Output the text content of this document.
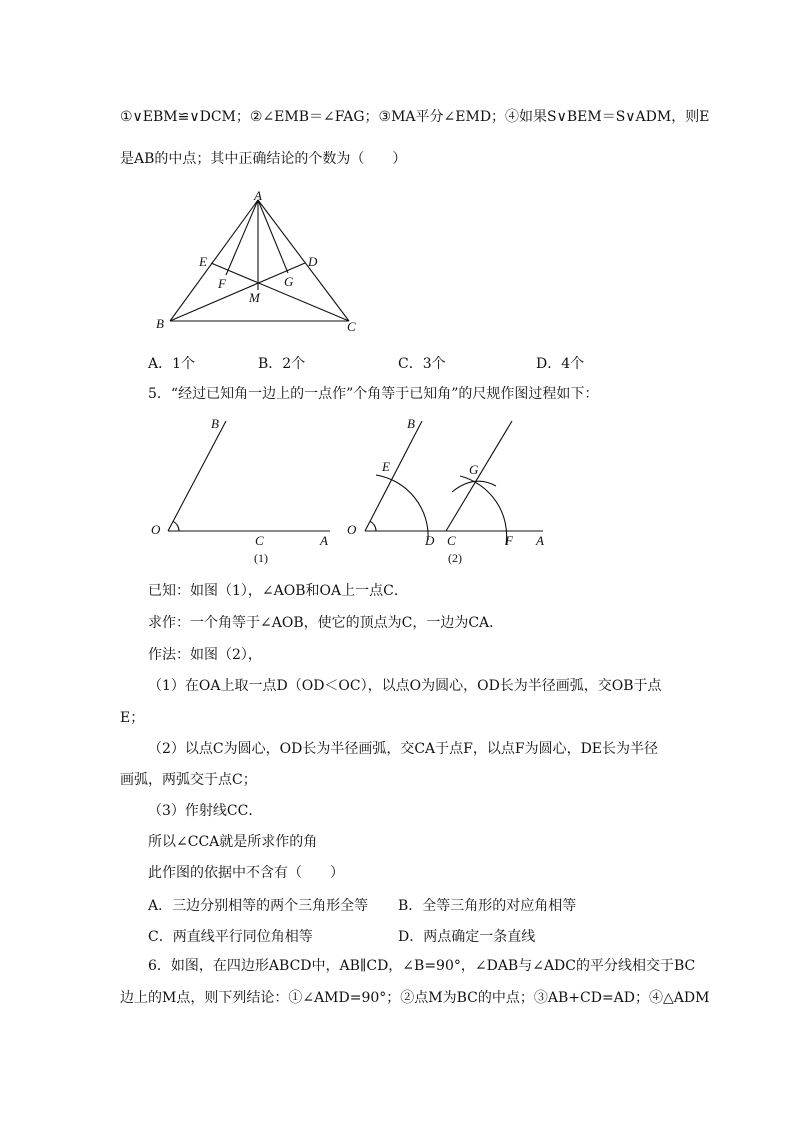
①∨EBM≌∨DCM；②∠EMB＝∠FAG；③MA平分∠EMD；④如果S∨BEM＝S∨ADM，则E
是AB的中点；其中正确结论的个数为（　　）
A
E	D
F	G
M
B	C
A．1个	B．2个	C．3个	D．4个
5．“经过已知角一边上的一点作”个角等于已知角”的尺规作图过程如下：
B
O
C	A
(1)
B
E	G
O
D C	F A
(2)
已知：如图（1），∠AOB和OA上一点C．
求作：一个角等于∠AOB，使它的顶点为C，一边为CA．
作法：如图（2），
（1）在OA上取一点D（OD＜OC），以点O为圆心，OD长为半径画弧，交OB于点
E；
（2）以点C为圆心，OD长为半径画弧，交CA于点F，以点F为圆心，DE长为半径
画弧，两弧交于点C；
（3）作射线CC．
所以∠CCA就是所求作的角
此作图的依据中不含有（　　）
A．三边分别相等的两个三角形全等 B．全等三角形的对应角相等
C．两直线平行同位角相等	D．两点确定一条直线
6．如图，在四边形ABCD中，AB∥CD，∠B=90°，∠DAB与∠ADC的平分线相交于BC
边上的M点，则下列结论：①∠AMD=90°；②点M为BC的中点；③AB+CD=AD；④△ADM
